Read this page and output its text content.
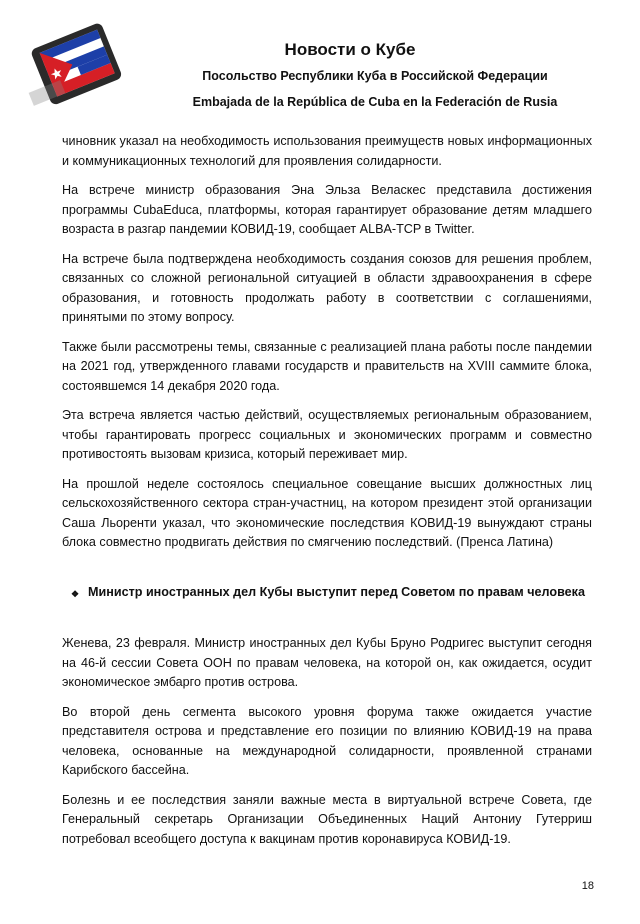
Новости о Кубе
Посольство Республики Куба в Российской Федерации
Embajada de la República de Cuba en la Federación de Rusia

чиновник указал на необходимость использования преимуществ новых информационных и коммуникационных технологий для проявления солидарности.

На встрече министр образования Эна Эльза Веласкес представила достижения программы CubaEduca, платформы, которая гарантирует образование детям младшего возраста в разгар пандемии КОВИД-19, сообщает ALBA-TCP в Twitter.

На встрече была подтверждена необходимость создания союзов для решения проблем, связанных со сложной региональной ситуацией в области здравоохранения в сфере образования, и готовность продолжать работу в соответствии с соглашениями, принятыми по этому вопросу.

Также были рассмотрены темы, связанные с реализацией плана работы после пандемии на 2021 год, утвержденного главами государств и правительств на XVIII саммите блока, состоявшемся 14 декабря 2020 года.

Эта встреча является частью действий, осуществляемых региональным образованием, чтобы гарантировать прогресс социальных и экономических программ и совместно противостоять вызовам кризиса, который переживает мир.

На прошлой неделе состоялось специальное совещание высших должностных лиц сельскохозяйственного сектора стран-участниц, на котором президент этой организации Саша Льоренти указал, что экономические последствия КОВИД-19 вынуждают страны блока совместно продвигать действия по смягчению последствий. (Пренса Латина)

❖ Министр иностранных дел Кубы выступит перед Советом по правам человека

Женева, 23 февраля. Министр иностранных дел Кубы Бруно Родригес выступит сегодня на 46-й сессии Совета ООН по правам человека, на которой он, как ожидается, осудит экономическое эмбарго против острова.

Во второй день сегмента высокого уровня форума также ожидается участие представителя острова и представление его позиции по влиянию КОВИД-19 на права человека, основанные на международной солидарности, проявленной странами Карибского бассейна.

Болезнь и ее последствия заняли важные места в виртуальной встрече Совета, где Генеральный секретарь Организации Объединенных Наций Антониу Гутерриш потребовал всеобщего доступа к вакцинам против коронавируса КОВИД-19.

18
